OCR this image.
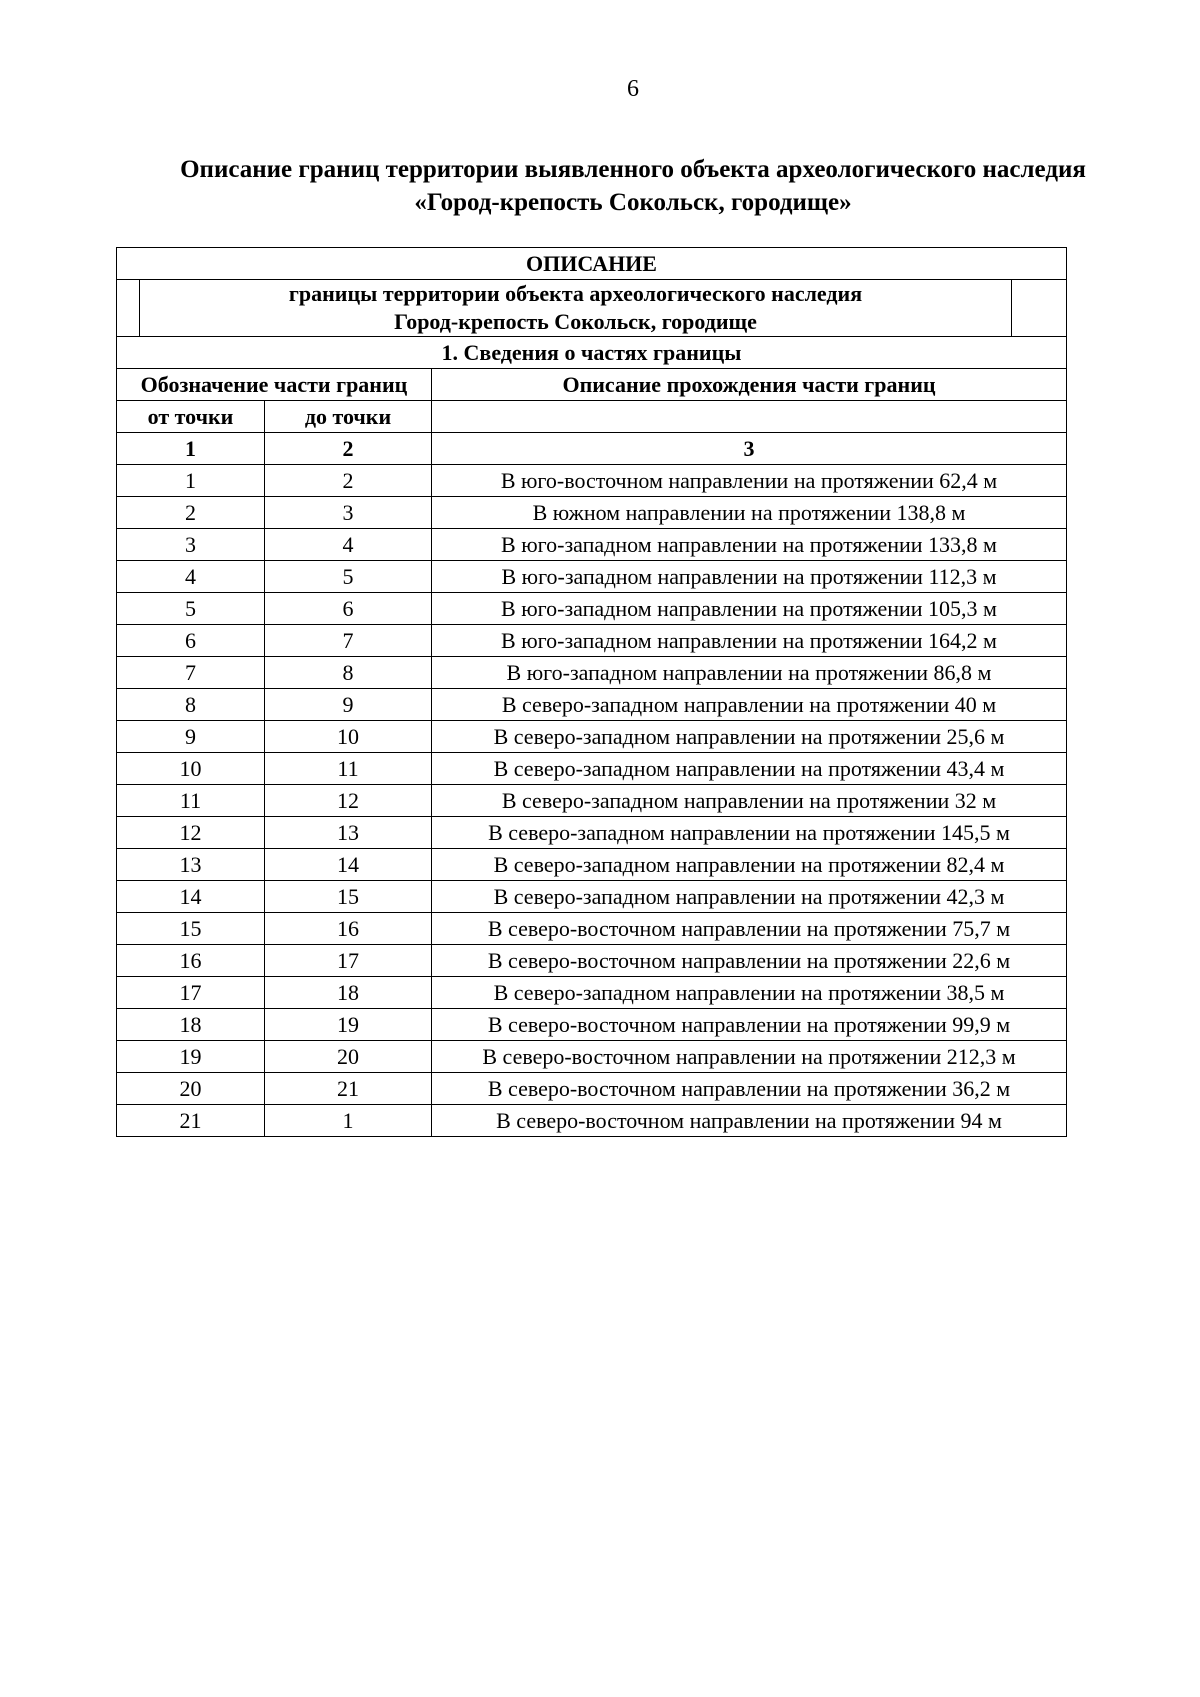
6
Описание границ территории выявленного объекта археологического наследия
«Город-крепость Сокольск, городище»
ОПИСАНИЕ

границы территории объекта археологического наследия
Город-крепость Сокольск, городище

1. Сведения о частях границы
Обозначение части границ	Описание прохождения части границ
от точки	до точки	
1	2	3
1	2	В юго-восточном направлении на протяжении 62,4 м
2	3	В южном направлении на протяжении 138,8 м
3	4	В юго-западном направлении на протяжении 133,8 м
4	5	В юго-западном направлении на протяжении 112,3 м
5	6	В юго-западном направлении на протяжении 105,3 м
6	7	В юго-западном направлении на протяжении 164,2 м
7	8	В юго-западном направлении на протяжении 86,8 м
8	9	В северо-западном направлении на протяжении 40 м
9	10	В северо-западном направлении на протяжении 25,6 м
10	11	В северо-западном направлении на протяжении 43,4 м
11	12	В северо-западном направлении на протяжении 32 м
12	13	В северо-западном направлении на протяжении 145,5 м
13	14	В северо-западном направлении на протяжении 82,4 м
14	15	В северо-западном направлении на протяжении 42,3 м
15	16	В северо-восточном направлении на протяжении 75,7 м
16	17	В северо-восточном направлении на протяжении 22,6 м
17	18	В северо-западном направлении на протяжении 38,5 м
18	19	В северо-восточном направлении на протяжении 99,9 м
19	20	В северо-восточном направлении на протяжении 212,3 м
20	21	В северо-восточном направлении на протяжении 36,2 м
21	1	В северо-восточном направлении на протяжении 94 м
